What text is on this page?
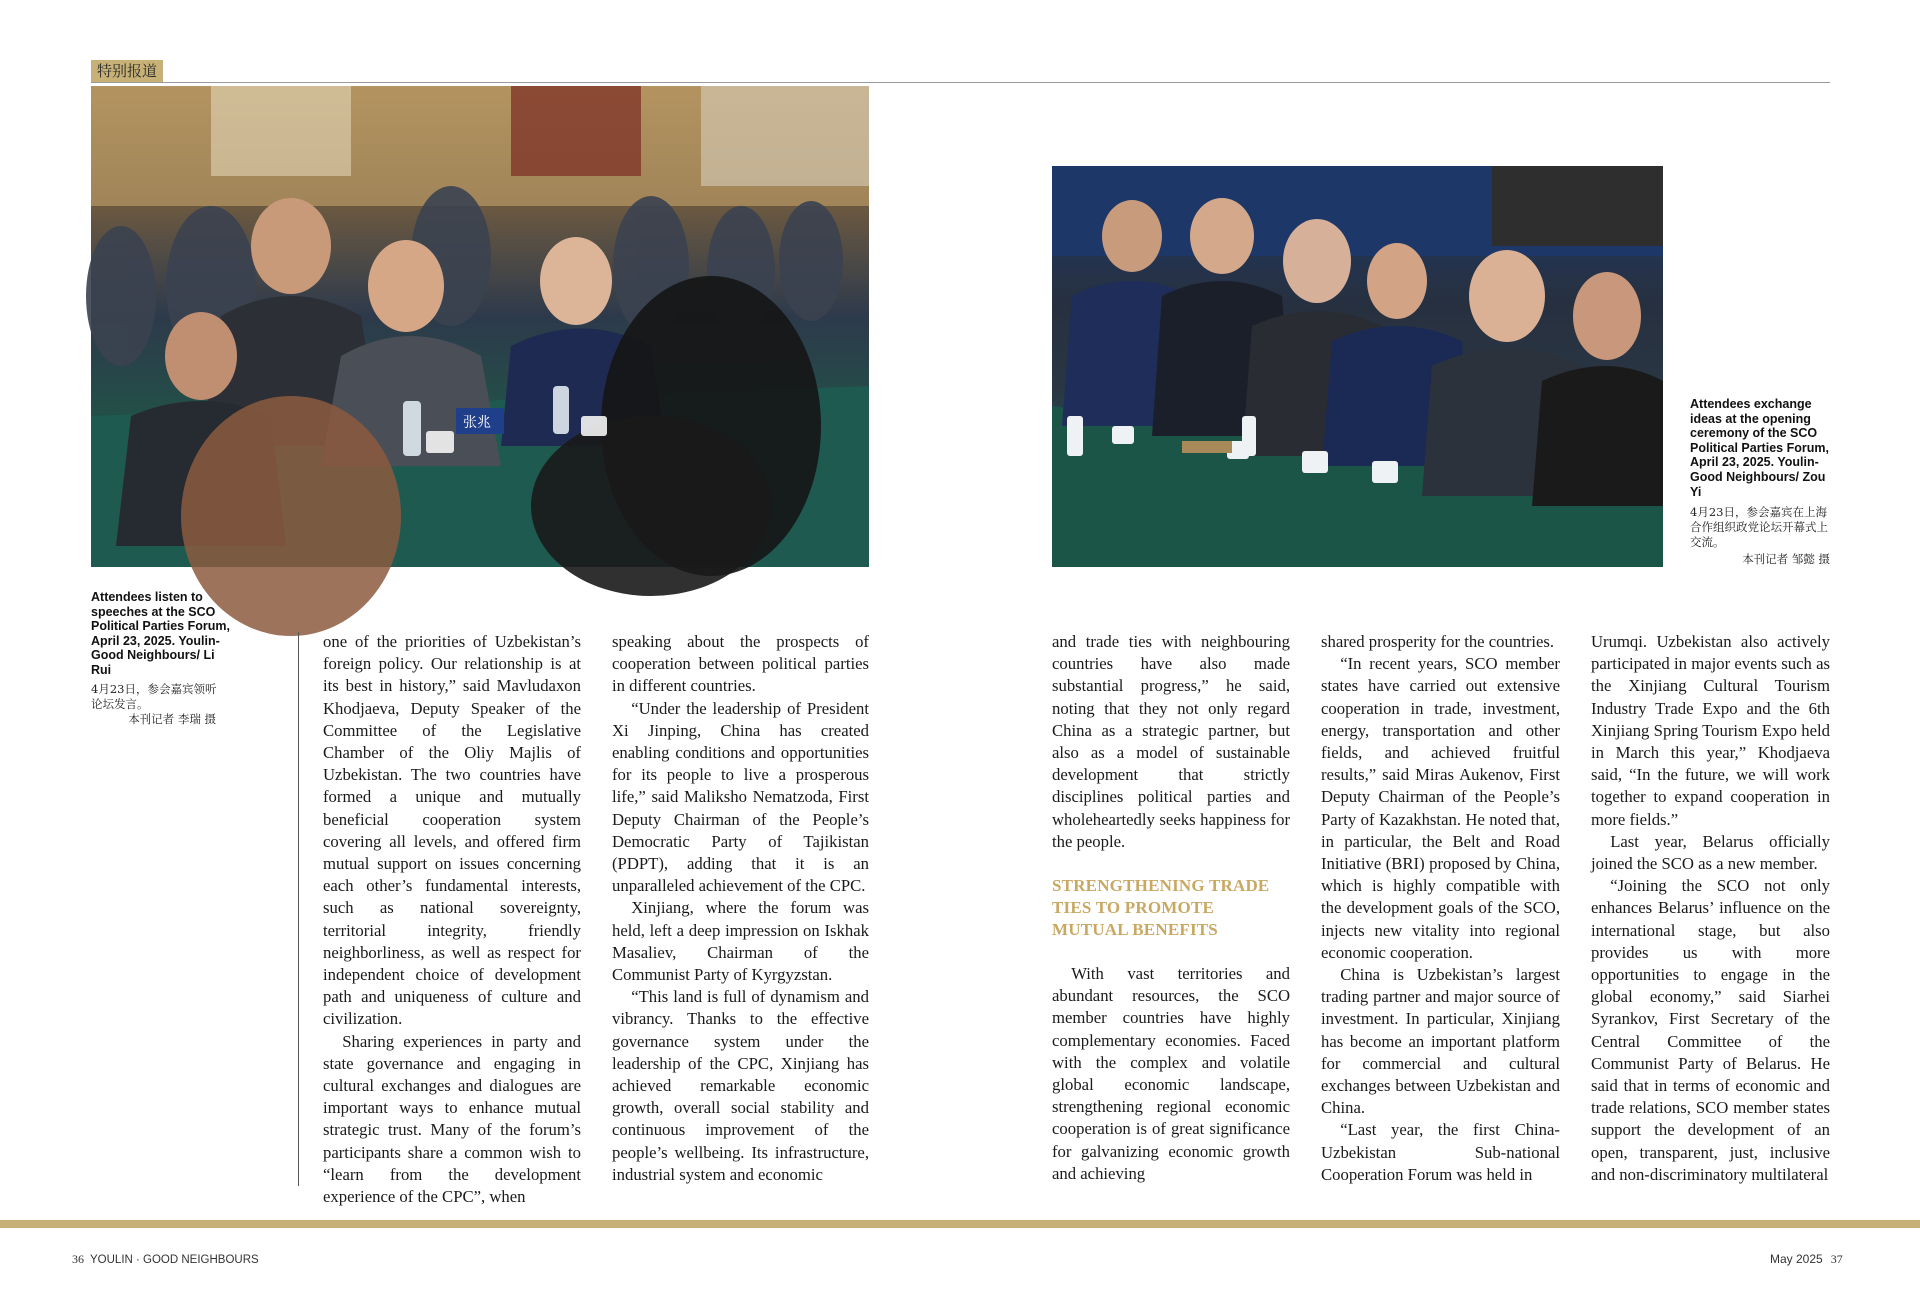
特别报道
张兆
Attendees listen to speeches at the SCO Political Parties Forum, April 23, 2025. Youlin-Good Neighbours/ Li Rui
4月23日，参会嘉宾领听论坛发言。
本刊记者 李瑞 摄
Attendees exchange ideas at the opening ceremony of the SCO Political Parties Forum, April 23, 2025. Youlin-Good Neighbours/ Zou Yi
4月23日，参会嘉宾在上海合作组织政党论坛开幕式上交流。
本刊记者 邹懿 摄

one of the priorities of Uzbekistan’s foreign policy. Our relationship is at its best in history,” said Mavludaxon Khodjaeva, Deputy Speaker of the Committee of the Legislative Chamber of the Oliy Majlis of Uzbekistan. The two countries have formed a unique and mutually beneficial cooperation system covering all levels, and offered firm mutual support on issues concerning each other’s fundamental interests, such as national sovereignty, territorial integrity, friendly neighborliness, as well as respect for independent choice of development path and uniqueness of culture and civilization.

Sharing experiences in party and state governance and engaging in cultural exchanges and dialogues are important ways to enhance mutual strategic trust. Many of the forum’s participants share a common wish to “learn from the development experience of the CPC”, when

speaking about the prospects of cooperation between political parties in different countries.

“Under the leadership of President Xi Jinping, China has created enabling conditions and opportunities for its people to live a prosperous life,” said Maliksho Nematzoda, First Deputy Chairman of the People’s Democratic Party of Tajikistan (PDPT), adding that it is an unparalleled achievement of the CPC.

Xinjiang, where the forum was held, left a deep impression on Iskhak Masaliev, Chairman of the Communist Party of Kyrgyzstan.

“This land is full of dynamism and vibrancy. Thanks to the effective governance system under the leadership of the CPC, Xinjiang has achieved remarkable economic growth, overall social stability and continuous improvement of the people’s wellbeing. Its infrastructure, industrial system and economic

and trade ties with neighbouring countries have also made substantial progress,” he said, noting that they not only regard China as a strategic partner, but also as a model of sustainable development that strictly disciplines political parties and wholeheartedly seeks happiness for the people.

STRENGTHENING TRADE TIES TO PROMOTE MUTUAL BENEFITS

With vast territories and abundant resources, the SCO member countries have highly complementary economies. Faced with the complex and volatile global economic landscape, strengthening regional economic cooperation is of great significance for galvanizing economic growth and achieving

shared prosperity for the countries.

“In recent years, SCO member states have carried out extensive cooperation in trade, investment, energy, transportation and other fields, and achieved fruitful results,” said Miras Aukenov, First Deputy Chairman of the People’s Party of Kazakhstan. He noted that, in particular, the Belt and Road Initiative (BRI) proposed by China, which is highly compatible with the development goals of the SCO, injects new vitality into regional economic cooperation.

China is Uzbekistan’s largest trading partner and major source of investment. In particular, Xinjiang has become an important platform for commercial and cultural exchanges between Uzbekistan and China.

“Last year, the first China-Uzbekistan Sub-national Cooperation Forum was held in

Urumqi. Uzbekistan also actively participated in major events such as the Xinjiang Cultural Tourism Industry Trade Expo and the 6th Xinjiang Spring Tourism Expo held in March this year,” Khodjaeva said, “In the future, we will work together to expand cooperation in more fields.”

Last year, Belarus officially joined the SCO as a new member.

“Joining the SCO not only enhances Belarus’ influence on the international stage, but also provides us with more opportunities to engage in the global economy,” said Siarhei Syrankov, First Secretary of the Central Committee of the Communist Party of Belarus. He said that in terms of economic and trade relations, SCO member states support the development of an open, transparent, just, inclusive and non-discriminatory multilateral

36 YOULIN · GOOD NEIGHBOURS	May 2025 37
